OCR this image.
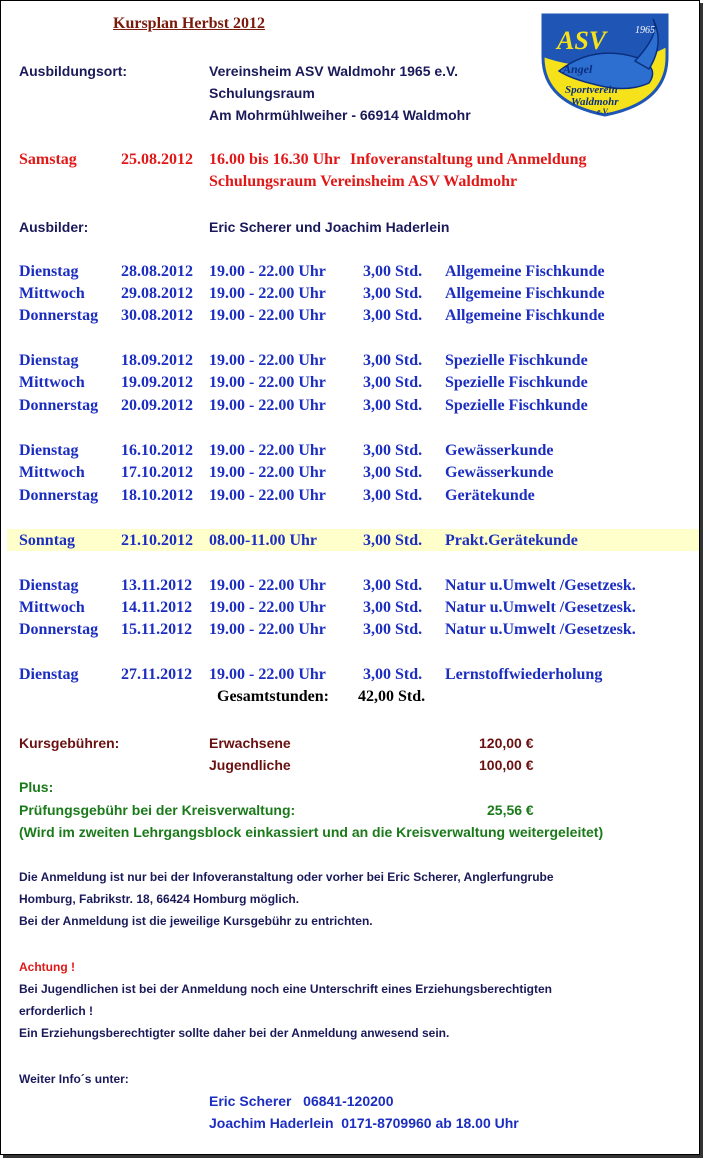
Kursplan Herbst 2012
ASV	1965
Angel
Sportverein
Waldmohr
e.V.
Ausbildungsort:	Vereinsheim ASV Waldmohr 1965 e.V.
Schulungsraum
Am Mohrmühlweiher - 66914 Waldmohr
Samstag	25.08.2012 16.00 bis 16.30 Uhr Infoveranstaltung und Anmeldung
Schulungsraum Vereinsheim ASV Waldmohr
Ausbilder:	Eric Scherer und Joachim Haderlein
Dienstag	28.08.2012 19.00 - 22.00 Uhr 3,00 Std. Allgemeine Fischkunde
Mittwoch 29.08.2012 19.00 - 22.00 Uhr 3,00 Std. Allgemeine Fischkunde
Donnerstag 30.08.2012 19.00 - 22.00 Uhr 3,00 Std. Allgemeine Fischkunde
Dienstag	18.09.2012 19.00 - 22.00 Uhr 3,00 Std. Spezielle Fischkunde
Mittwoch 19.09.2012 19.00 - 22.00 Uhr 3,00 Std. Spezielle Fischkunde
Donnerstag 20.09.2012 19.00 - 22.00 Uhr 3,00 Std. Spezielle Fischkunde
Dienstag	16.10.2012 19.00 - 22.00 Uhr 3,00 Std. Gewässerkunde
Mittwoch 17.10.2012 19.00 - 22.00 Uhr 3,00 Std. Gewässerkunde
Donnerstag 18.10.2012 19.00 - 22.00 Uhr 3,00 Std. Gerätekunde
Sonntag	21.10.2012 08.00-11.00 Uhr	3,00 Std. Prakt.Gerätekunde
Dienstag	13.11.2012 19.00 - 22.00 Uhr 3,00 Std. Natur u.Umwelt /Gesetzesk.
Mittwoch 14.11.2012 19.00 - 22.00 Uhr 3,00 Std. Natur u.Umwelt /Gesetzesk.
Donnerstag 15.11.2012 19.00 - 22.00 Uhr 3,00 Std. Natur u.Umwelt /Gesetzesk.
Dienstag	27.11.2012 19.00 - 22.00 Uhr 3,00 Std. Lernstoffwiederholung
Gesamtstunden: 42,00 Std.
Kursgebühren:	Erwachsene	120,00 €
Jugendliche	100,00 €
Plus:
Prüfungsgebühr bei der Kreisverwaltung:	25,56 €
(Wird im zweiten Lehrgangsblock einkassiert und an die Kreisverwaltung weitergeleitet)
Die Anmeldung ist nur bei der Infoveranstaltung oder vorher bei Eric Scherer, Anglerfungrube
Homburg, Fabrikstr. 18, 66424 Homburg möglich.
Bei der Anmeldung ist die jeweilige Kursgebühr zu entrichten.
Achtung !
Bei Jugendlichen ist bei der Anmeldung noch eine Unterschrift eines Erziehungsberechtigten
erforderlich !
Ein Erziehungsberechtigter sollte daher bei der Anmeldung anwesend sein.
Weiter Info´s unter:
Eric Scherer   06841-120200
Joachim Haderlein  0171-8709960 ab 18.00 Uhr
